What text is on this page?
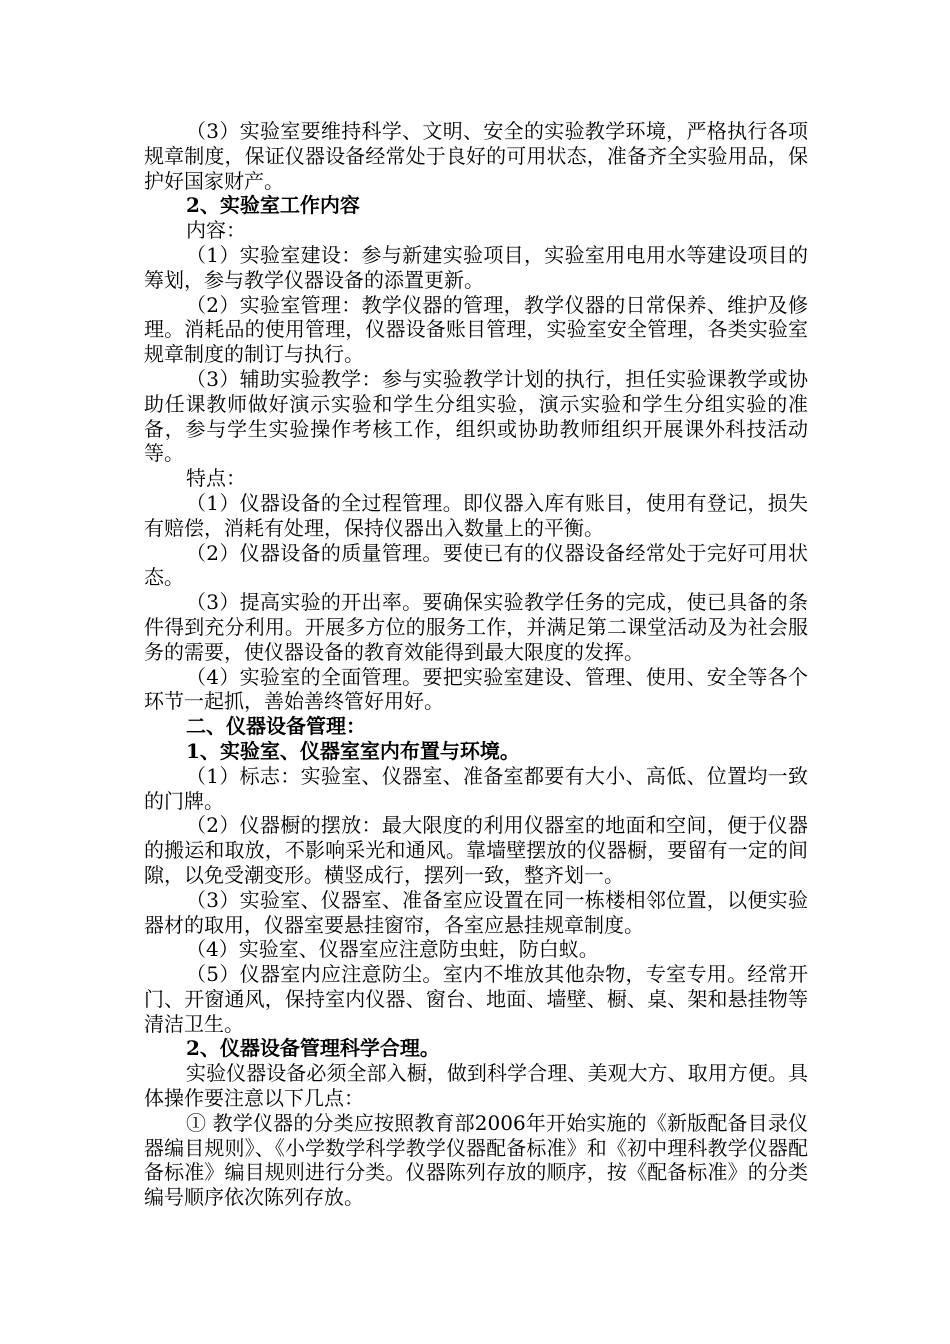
（3）实验室要维持科学、文明、安全的实验教学环境，严格执行各项规章制度，保证仪器设备经常处于良好的可用状态，准备齐全实验用品，保护好国家财产。

2、实验室工作内容

内容：

（1）实验室建设：参与新建实验项目，实验室用电用水等建设项目的筹划，参与教学仪器设备的添置更新。

（2）实验室管理：教学仪器的管理，教学仪器的日常保养、维护及修理。消耗品的使用管理，仪器设备账目管理，实验室安全管理，各类实验室规章制度的制订与执行。

（3）辅助实验教学：参与实验教学计划的执行，担任实验课教学或协助任课教师做好演示实验和学生分组实验，演示实验和学生分组实验的准备，参与学生实验操作考核工作，组织或协助教师组织开展课外科技活动等。

特点：

（1）仪器设备的全过程管理。即仪器入库有账目，使用有登记，损失有赔偿，消耗有处理，保持仪器出入数量上的平衡。

（2）仪器设备的质量管理。要使已有的仪器设备经常处于完好可用状态。

（3）提高实验的开出率。要确保实验教学任务的完成，使已具备的条件得到充分利用。开展多方位的服务工作，并满足第二课堂活动及为社会服务的需要，使仪器设备的教育效能得到最大限度的发挥。

（4）实验室的全面管理。要把实验室建设、管理、使用、安全等各个环节一起抓，善始善终管好用好。

二、仪器设备管理：

1、实验室、仪器室室内布置与环境。

（1）标志：实验室、仪器室、准备室都要有大小、高低、位置均一致的门牌。

（2）仪器橱的摆放：最大限度的利用仪器室的地面和空间，便于仪器的搬运和取放，不影响采光和通风。靠墙壁摆放的仪器橱，要留有一定的间隙，以免受潮变形。横竖成行，摆列一致，整齐划一。

（3）实验室、仪器室、准备室应设置在同一栋楼相邻位置，以便实验器材的取用，仪器室要悬挂窗帘，各室应悬挂规章制度。

（4）实验室、仪器室应注意防虫蛀，防白蚁。

（5）仪器室内应注意防尘。室内不堆放其他杂物，专室专用。经常开门、开窗通风，保持室内仪器、窗台、地面、墙壁、橱、桌、架和悬挂物等清洁卫生。

2、仪器设备管理科学合理。

实验仪器设备必须全部入橱，做到科学合理、美观大方、取用方便。具体操作要注意以下几点：

① 教学仪器的分类应按照教育部2006年开始实施的《新版配备目录仪器编目规则》、《小学数学科学教学仪器配备标准》和《初中理科教学仪器配备标准》编目规则进行分类。仪器陈列存放的顺序，按《配备标准》的分类编号顺序依次陈列存放。
